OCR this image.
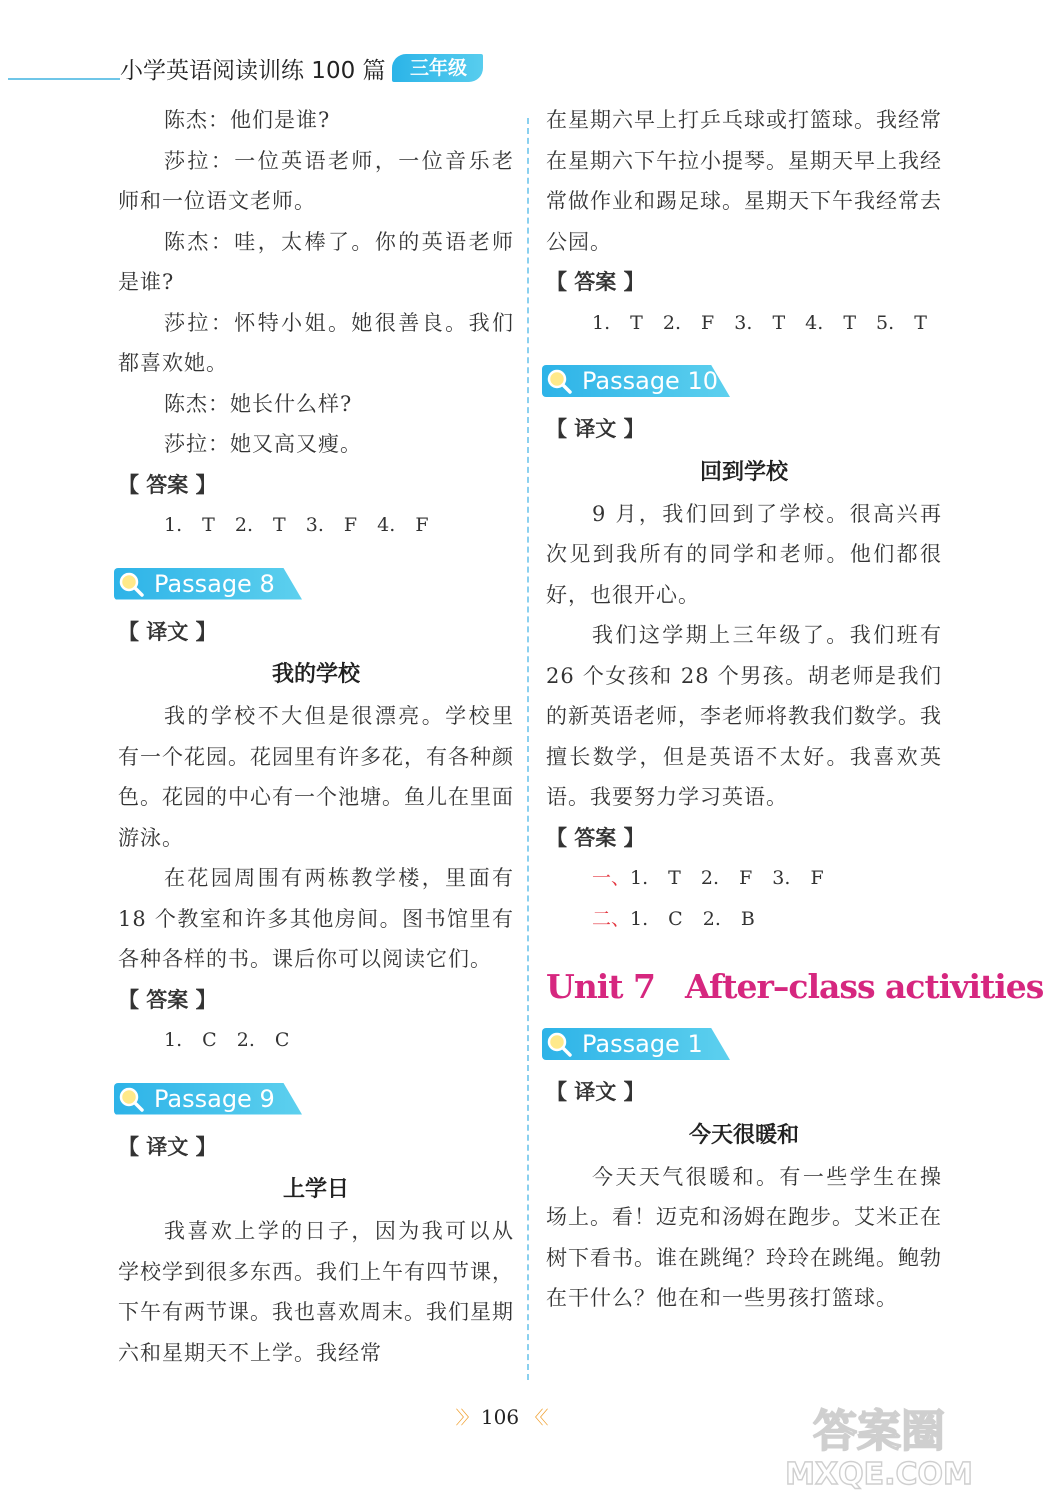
小学英语阅读训练 100 篇	三年级

陈杰：他们是谁?

莎拉：一位英语老师，一位音乐老师和一位语文老师。

陈杰：哇，太棒了。你的英语老师是谁?

莎拉：怀特小姐。她很善良。我们都喜欢她。

陈杰：她长什么样?

莎拉：她又高又瘦。

【 答案 】

1. T 2. T 3. F 4. F

Passage 8

【 译文 】

我的学校

我的学校不大但是很漂亮。学校里有一个花园。花园里有许多花，有各种颜色。花园的中心有一个池塘。鱼儿在里面游泳。

在花园周围有两栋教学楼，里面有18 个教室和许多其他房间。图书馆里有各种各样的书。课后你可以阅读它们。

【 答案 】

1. C 2. C

Passage 9

【 译文 】

上学日

我喜欢上学的日子，因为我可以从学校学到很多东西。我们上午有四节课，下午有两节课。我也喜欢周末。我们星期六和星期天不上学。我经常

在星期六早上打乒乓球或打篮球。我经常在星期六下午拉小提琴。星期天早上我经常做作业和踢足球。星期天下午我经常去公园。

【 答案 】

1. T 2. F 3. T 4. T 5. T

Passage 10

【 译文 】

回到学校

9 月，我们回到了学校。很高兴再次见到我所有的同学和老师。他们都很好，也很开心。

我们这学期上三年级了。我们班有26 个女孩和 28 个男孩。胡老师是我们的新英语老师，李老师将教我们数学。我擅长数学，但是英语不太好。我喜欢英语。我要努力学习英语。

【 答案 】

一、1. T 2. F 3. F

二、1. C 2. B

Unit 7 After–class activities
Passage 1

【 译文 】

今天很暖和

今天天气很暖和。有一些学生在操场上。看！迈克和汤姆在跑步。艾米正在树下看书。谁在跳绳？玲玲在跳绳。鲍勃在干什么？他在和一些男孩打篮球。

〉〉 106 〈〈	答案圈
MXQE.COM
